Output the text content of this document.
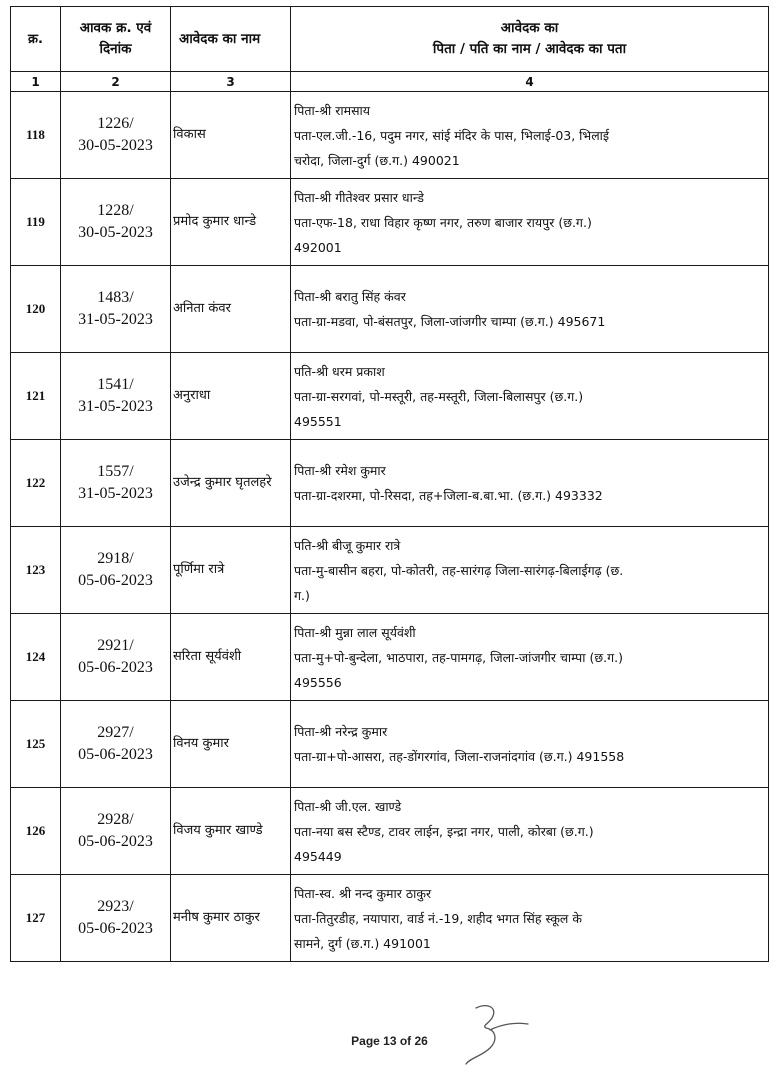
क्र.	आवक क्र. एवं
दिनांक	आवेदक का नाम	आवेदक का
पिता / पति का नाम / आवेदक का पता

1	2	3	4
118	1226/
30-05-2023	विकास	पिता-श्री रामसाय
पता-एल.जी.-16, पदुम नगर, सांई मंदिर के पास, भिलाई-03, भिलाई
चरोदा, जिला-दुर्ग (छ.ग.) 490021

119	1228/
30-05-2023	प्रमोद कुमार धान्डे	पिता-श्री गीतेश्वर प्रसार धान्डे
पता-एफ-18, राधा विहार कृष्ण नगर, तरुण बाजार रायपुर (छ.ग.)
492001

120	1483/
31-05-2023	अनिता कंवर	पिता-श्री बरातु सिंह कंवर
पता-ग्रा-मडवा, पो-बंसतपुर, जिला-जांजगीर चाम्पा (छ.ग.) 495671

121	1541/
31-05-2023	अनुराधा	पति-श्री धरम प्रकाश
पता-ग्रा-सरगवां, पो-मस्तूरी, तह-मस्तूरी, जिला-बिलासपुर (छ.ग.)
495551

122	1557/
31-05-2023	उजेन्द्र कुमार घृतलहरे	पिता-श्री रमेश कुमार
पता-ग्रा-दशरमा, पो-रिसदा, तह+जिला-ब.बा.भा. (छ.ग.) 493332

123	2918/
05-06-2023	पूर्णिमा रात्रे	पति-श्री बीजू कुमार रात्रे
पता-मु-बासीन बहरा, पो-कोतरी, तह-सारंगढ़ जिला-सारंगढ़-बिलाईगढ़ (छ.
ग.)

124	2921/
05-06-2023	सरिता सूर्यवंशी	पिता-श्री मुन्ना लाल सूर्यवंशी
पता-मु+पो-बुन्देला, भाठपारा, तह-पामगढ़, जिला-जांजगीर चाम्पा (छ.ग.)
495556

125	2927/
05-06-2023	विनय कुमार	पिता-श्री नरेन्द्र कुमार
पता-ग्रा+पो-आसरा, तह-डोंगरगांव, जिला-राजनांदगांव (छ.ग.) 491558

126	2928/
05-06-2023	विजय कुमार खाण्डे	पिता-श्री जी.एल. खाण्डे
पता-नया बस स्टैण्ड, टावर लाईन, इन्द्रा नगर, पाली, कोरबा (छ.ग.)
495449

127	2923/
05-06-2023	मनीष कुमार ठाकुर	पिता-स्व. श्री नन्द कुमार ठाकुर
पता-तितुरडीह, नयापारा, वार्ड नं.-19, शहीद भगत सिंह स्कूल के
सामने, दुर्ग (छ.ग.) 491001
Page 13 of 26
